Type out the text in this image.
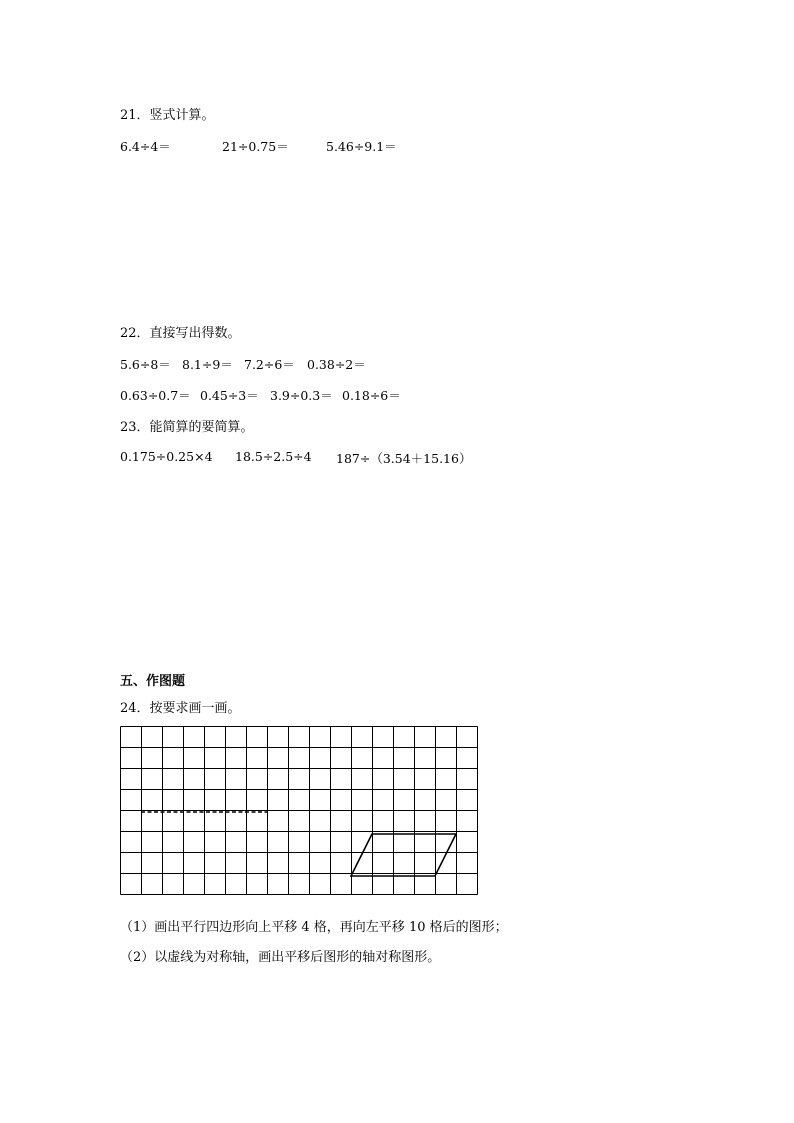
21．竖式计算。
6.4÷4＝	21÷0.75＝	5.46÷9.1＝
22．直接写出得数。
5.6÷8＝ 8.1÷9＝ 7.2÷6＝ 0.38÷2＝
0.63÷0.7＝ 0.45÷3＝ 3.9÷0.3＝ 0.18÷6＝
23．能简算的要简算。
0.175÷0.25×4 18.5÷2.5÷4 187÷（3.54＋15.16）
五、作图题
24．按要求画一画。
（1）画出平行四边形向上平移 4 格，再向左平移 10 格后的图形；
（2）以虚线为对称轴，画出平移后图形的轴对称图形。
